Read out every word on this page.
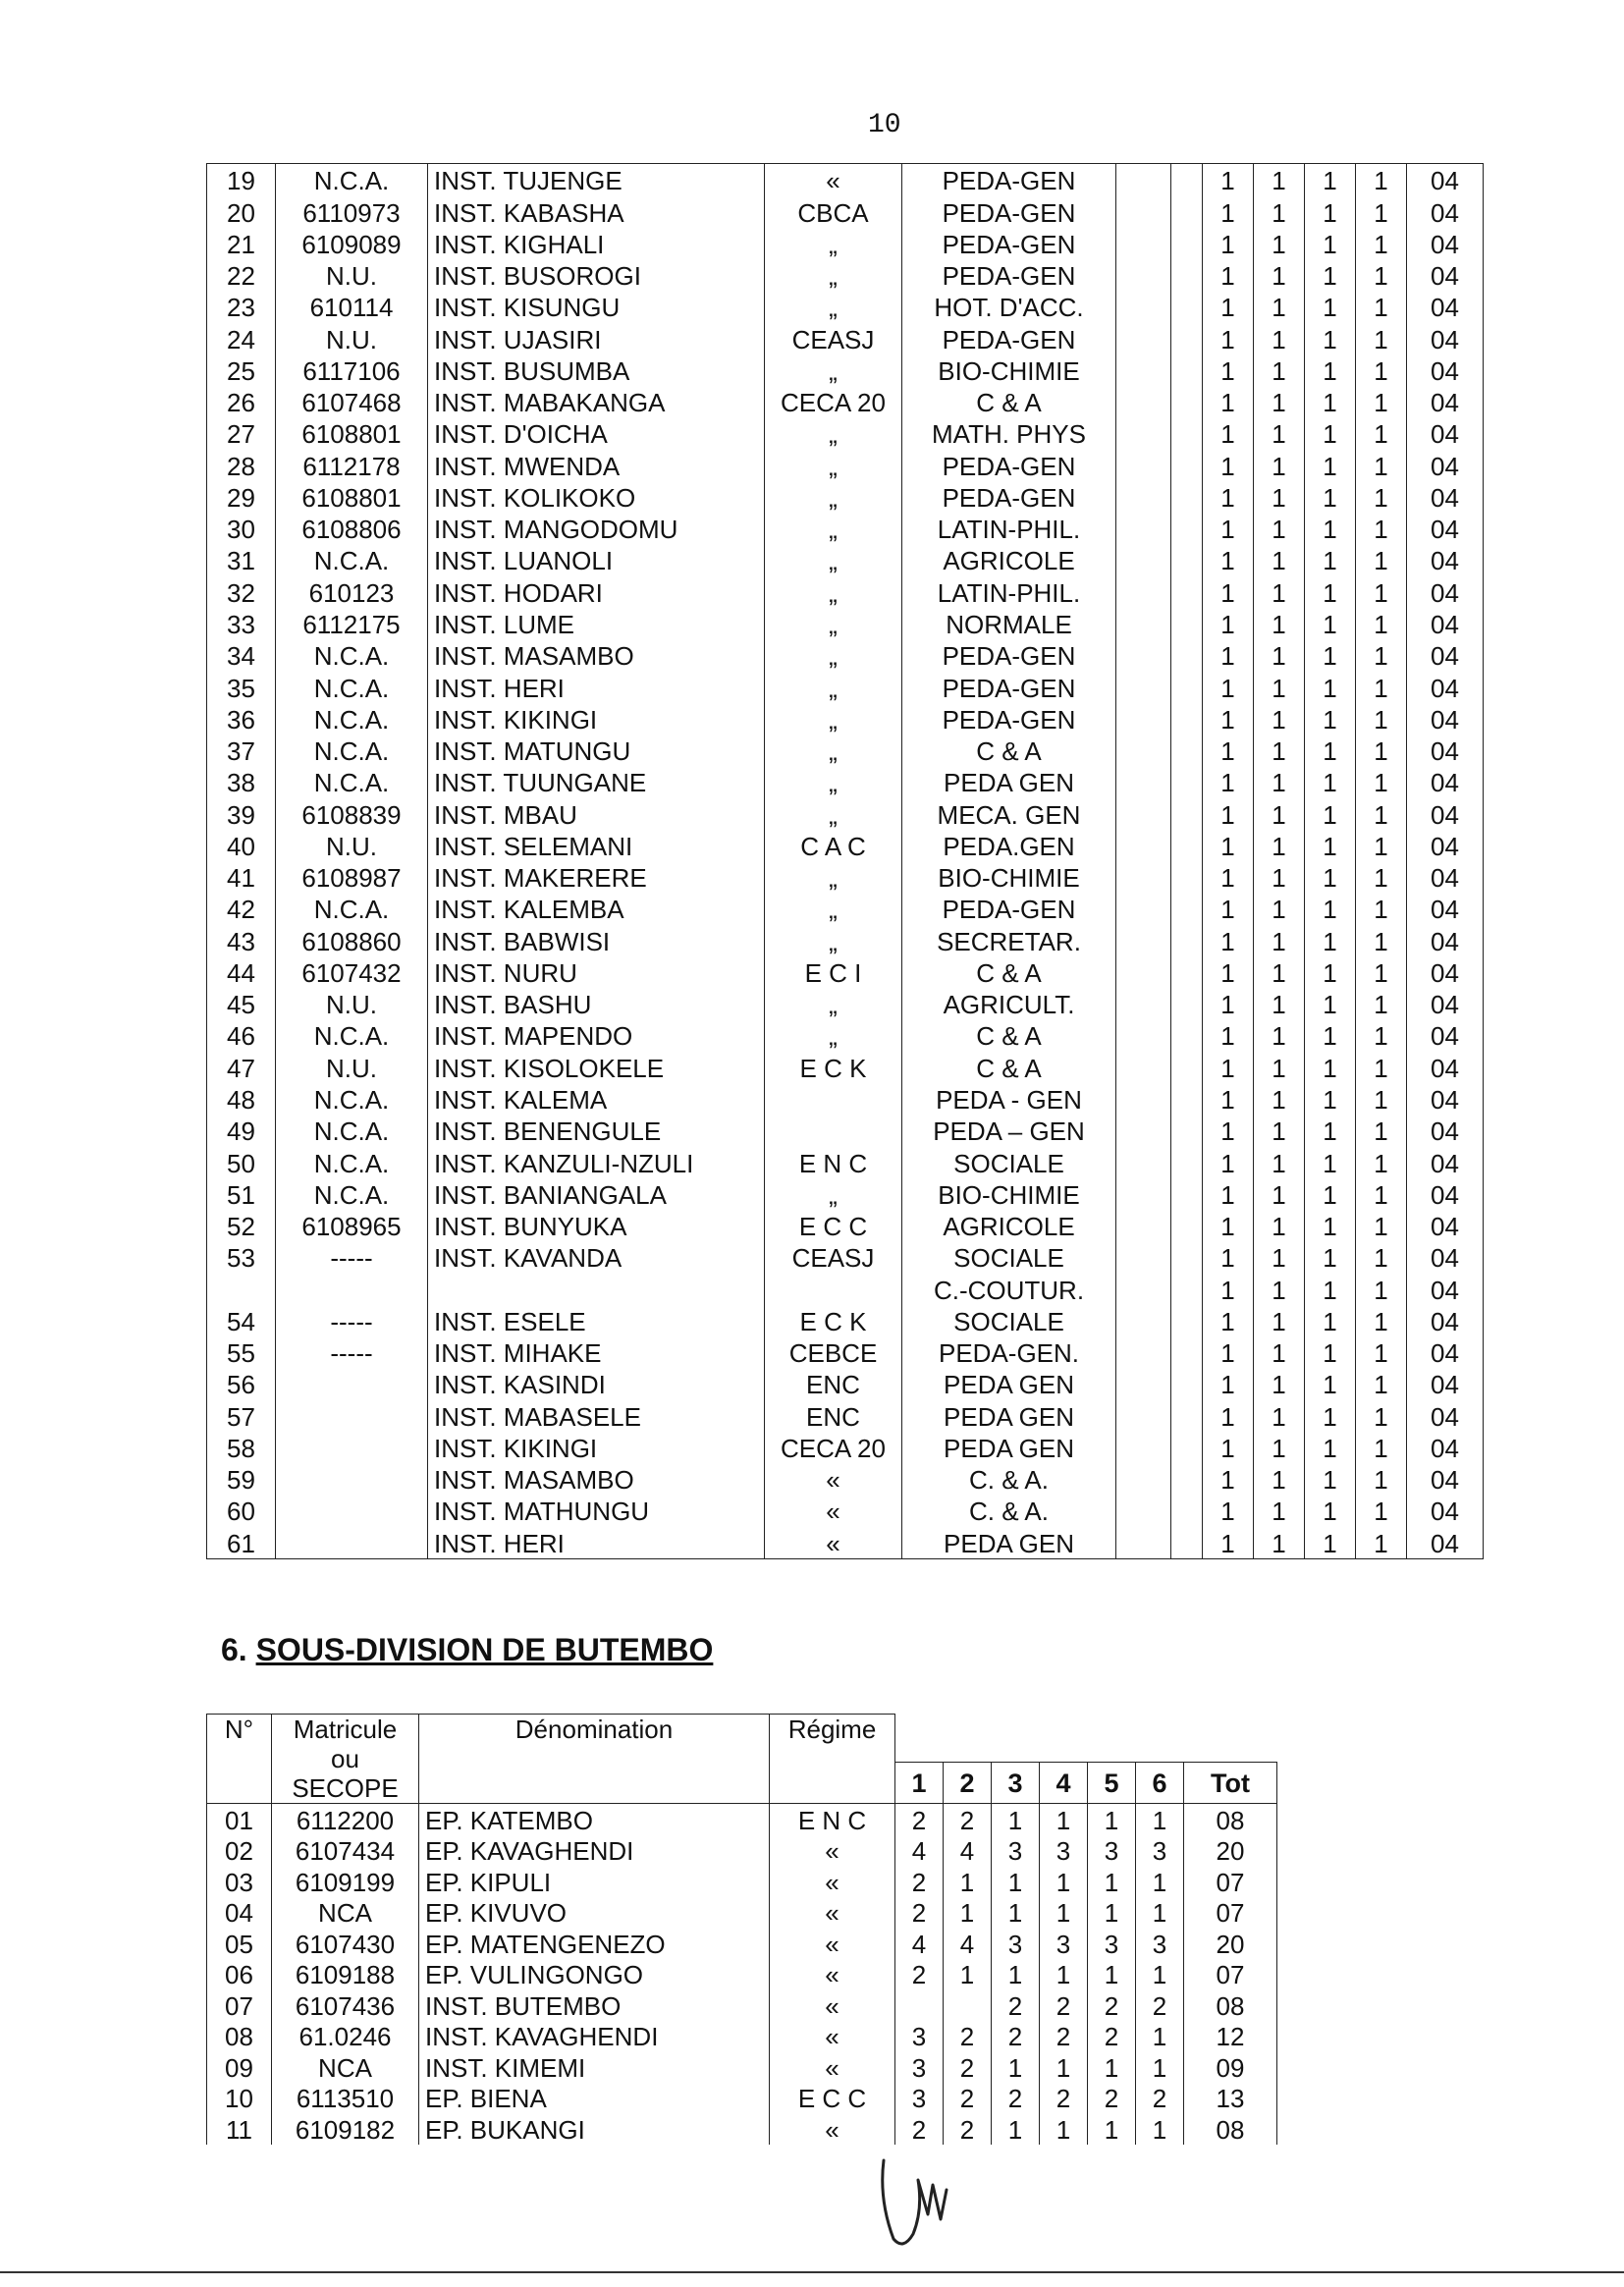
10
19	N.C.A.	INST. TUJENGE	«	PEDA-GEN			1	1	1	1	04
20	6110973	INST. KABASHA	CBCA	PEDA-GEN			1	1	1	1	04
21	6109089	INST. KIGHALI	„	PEDA-GEN			1	1	1	1	04
22	N.U.	INST. BUSOROGI	„	PEDA-GEN			1	1	1	1	04
23	610114	INST. KISUNGU	„	HOT. D'ACC.			1	1	1	1	04
24	N.U.	INST. UJASIRI	CEASJ	PEDA-GEN			1	1	1	1	04
25	6117106	INST. BUSUMBA	„	BIO-CHIMIE			1	1	1	1	04
26	6107468	INST. MABAKANGA	CECA 20	C & A			1	1	1	1	04
27	6108801	INST. D'OICHA	„	MATH. PHYS			1	1	1	1	04
28	6112178	INST. MWENDA	„	PEDA-GEN			1	1	1	1	04
29	6108801	INST. KOLIKOKO	„	PEDA-GEN			1	1	1	1	04
30	6108806	INST. MANGODOMU	„	LATIN-PHIL.			1	1	1	1	04
31	N.C.A.	INST. LUANOLI	„	AGRICOLE			1	1	1	1	04
32	610123	INST. HODARI	„	LATIN-PHIL.			1	1	1	1	04
33	6112175	INST. LUME	„	NORMALE			1	1	1	1	04
34	N.C.A.	INST. MASAMBO	„	PEDA-GEN			1	1	1	1	04
35	N.C.A.	INST. HERI	„	PEDA-GEN			1	1	1	1	04
36	N.C.A.	INST. KIKINGI	„	PEDA-GEN			1	1	1	1	04
37	N.C.A.	INST. MATUNGU	„	C & A			1	1	1	1	04
38	N.C.A.	INST. TUUNGANE	„	PEDA GEN			1	1	1	1	04
39	6108839	INST. MBAU	„	MECA. GEN			1	1	1	1	04
40	N.U.	INST. SELEMANI	C A C	PEDA.GEN			1	1	1	1	04
41	6108987	INST. MAKERERE	„	BIO-CHIMIE			1	1	1	1	04
42	N.C.A.	INST. KALEMBA	„	PEDA-GEN			1	1	1	1	04
43	6108860	INST. BABWISI	„	SECRETAR.			1	1	1	1	04
44	6107432	INST. NURU	E C I	C & A			1	1	1	1	04
45	N.U.	INST. BASHU	„	AGRICULT.			1	1	1	1	04
46	N.C.A.	INST. MAPENDO	„	C & A			1	1	1	1	04
47	N.U.	INST. KISOLOKELE	E C K	C & A			1	1	1	1	04
48	N.C.A.	INST. KALEMA		PEDA - GEN			1	1	1	1	04
49	N.C.A.	INST. BENENGULE		PEDA – GEN			1	1	1	1	04
50	N.C.A.	INST. KANZULI-NZULI	E N C	SOCIALE			1	1	1	1	04
51	N.C.A.	INST. BANIANGALA	„	BIO-CHIMIE			1	1	1	1	04
52	6108965	INST. BUNYUKA	E C C	AGRICOLE			1	1	1	1	04
53	-----	INST. KAVANDA	CEASJ	SOCIALE			1	1	1	1	04
				C.-COUTUR.			1	1	1	1	04
54	-----	INST. ESELE	E C K	SOCIALE			1	1	1	1	04
55	-----	INST. MIHAKE	CEBCE	PEDA-GEN.			1	1	1	1	04
56		INST. KASINDI	ENC	PEDA GEN			1	1	1	1	04
57		INST. MABASELE	ENC	PEDA GEN			1	1	1	1	04
58		INST. KIKINGI	CECA 20	PEDA GEN			1	1	1	1	04
59		INST. MASAMBO	«	C. & A.			1	1	1	1	04
60		INST. MATHUNGU	«	C. & A.			1	1	1	1	04
61		INST. HERI	«	PEDA GEN			1	1	1	1	04
6. SOUS-DIVISION DE BUTEMBO
N°	Matricule
ou
SECOPE	Dénomination	Régime							
				1	2	3	4	5	6	Tot
01	6112200	EP. KATEMBO	E N C	2	2	1	1	1	1	08
02	6107434	EP. KAVAGHENDI	«	4	4	3	3	3	3	20
03	6109199	EP. KIPULI	«	2	1	1	1	1	1	07
04	NCA	EP. KIVUVO	«	2	1	1	1	1	1	07
05	6107430	EP. MATENGENEZO	«	4	4	3	3	3	3	20
06	6109188	EP. VULINGONGO	«	2	1	1	1	1	1	07
07	6107436	INST. BUTEMBO	«			2	2	2	2	08
08	61.0246	INST. KAVAGHENDI	«	3	2	2	2	2	1	12
09	NCA	INST. KIMEMI	«	3	2	1	1	1	1	09
10	6113510	EP. BIENA	E C C	3	2	2	2	2	2	13
11	6109182	EP. BUKANGI	«	2	2	1	1	1	1	08
